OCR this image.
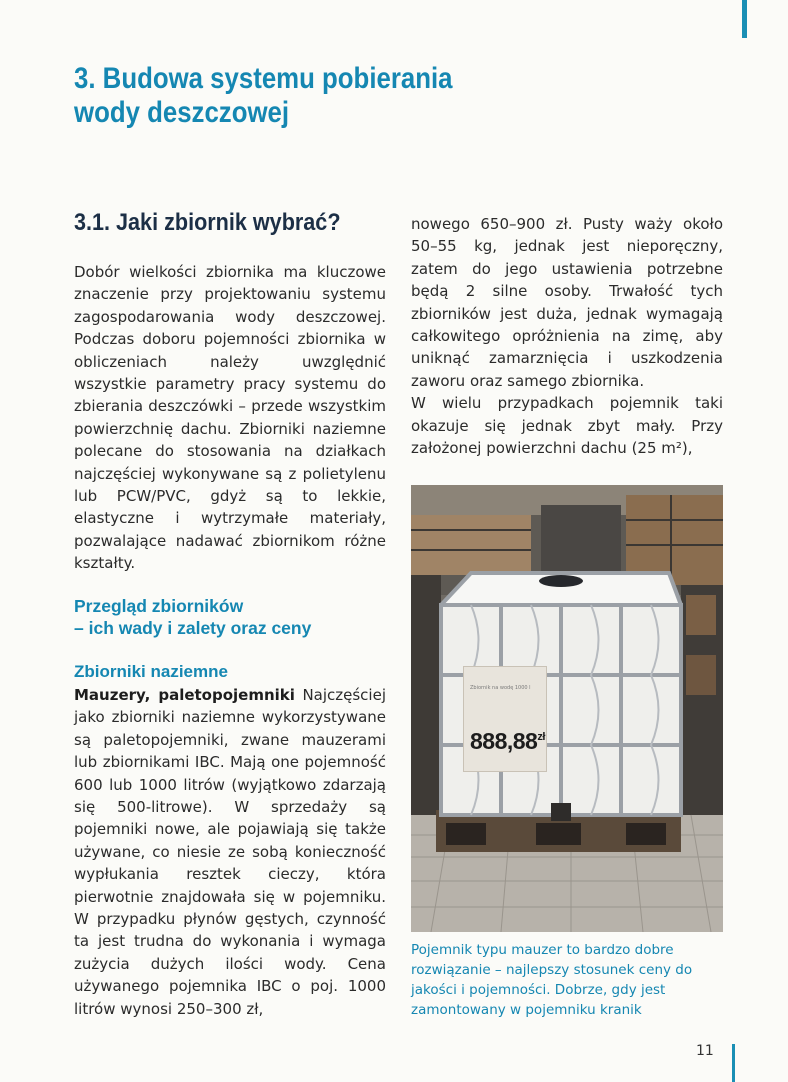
3. Budowa systemu pobierania
wody deszczowej
3.1. Jaki zbiornik wybrać?

Dobór wielkości zbiornika ma kluczowe znaczenie przy projektowaniu systemu zagospodarowania wody deszczowej. Podczas doboru pojemności zbiornika w obliczeniach należy uwzględnić wszystkie parametry pracy systemu do zbierania deszczówki – przede wszystkim powierzchnię dachu. Zbiorniki naziemne polecane do stosowania na działkach najczęściej wykonywane są z polietylenu lub PCW/PVC, gdyż są to lekkie, elastyczne i wytrzymałe materiały, pozwalające nadawać zbiornikom różne kształty.

Przegląd zbiorników
– ich wady i zalety oraz ceny
Zbiorniki naziemne

Mauzery, paletopojemniki Najczęściej jako zbiorniki naziemne wykorzystywane są paletopojemniki, zwane mauzerami lub zbiornikami IBC. Mają one pojemność 600 lub 1000 litrów (wyjątkowo zdarzają się 500-litrowe). W sprzedaży są pojemniki nowe, ale pojawiają się także używane, co niesie ze sobą konieczność wypłukania resztek cieczy, która pierwotnie znajdowała się w pojemniku. W przypadku płynów gęstych, czynność ta jest trudna do wykonania i wymaga zużycia dużych ilości wody. Cena używanego pojemnika IBC o poj. 1000 litrów wynosi 250–300 zł,

nowego 650–900 zł. Pusty waży około 50–55 kg, jednak jest nieporęczny, zatem do jego ustawienia potrzebne będą 2 silne osoby. Trwałość tych zbiorników jest duża, jednak wymagają całkowitego opróżnienia na zimę, aby uniknąć zamarznięcia i uszkodzenia zaworu oraz samego zbiornika.

W wielu przypadkach pojemnik taki okazuje się jednak zbyt mały. Przy założonej powierzchni dachu (25 m²),

Zbiornik na wodę 1000 l
$888,88^{zł}$

Pojemnik typu mauzer to bardzo dobre rozwiązanie – najlepszy stosunek ceny do jakości i pojemności. Dobrze, gdy jest zamontowany w pojemniku kranik

11
